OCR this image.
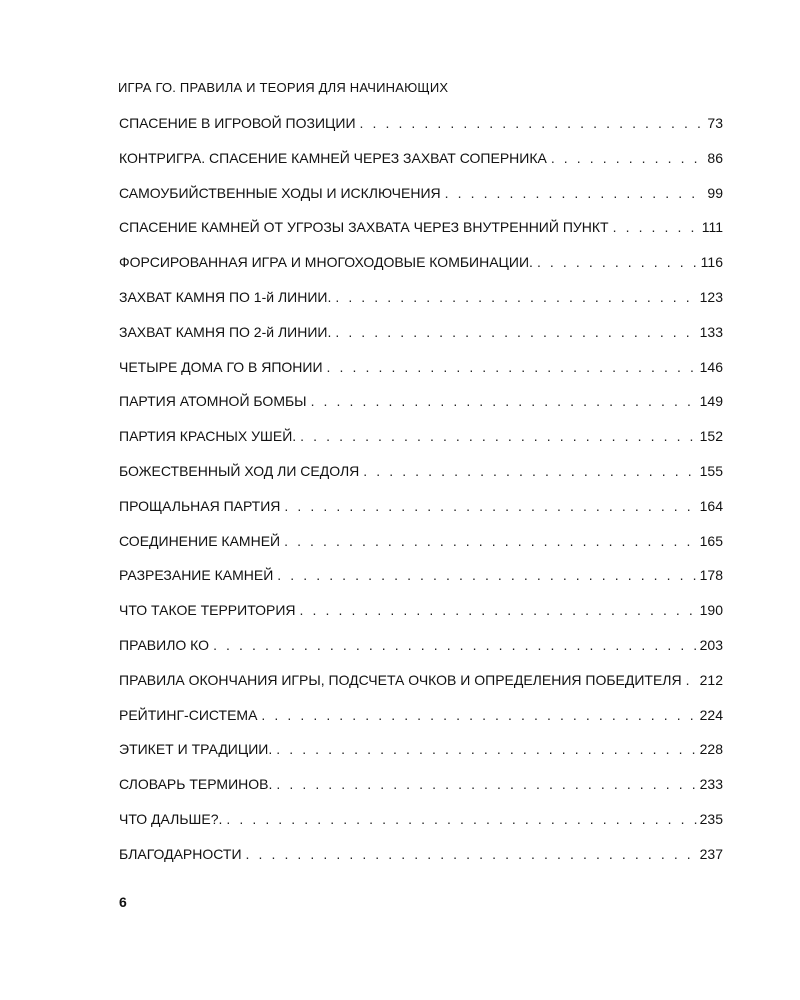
ИГРА ГО. ПРАВИЛА И ТЕОРИЯ ДЛЯ НАЧИНАЮЩИХ
СПАСЕНИЕ В ИГРОВОЙ ПОЗИЦИИ . . .	73
КОНТРИГРА. СПАСЕНИЕ КАМНЕЙ ЧЕРЕЗ ЗАХВАТ СОПЕРНИКА . . .	86
САМОУБИЙСТВЕННЫЕ ХОДЫ И ИСКЛЮЧЕНИЯ . . .	99
СПАСЕНИЕ КАМНЕЙ ОТ УГРОЗЫ ЗАХВАТА ЧЕРЕЗ ВНУТРЕННИЙ ПУНКТ . . .	111
ФОРСИРОВАННАЯ ИГРА И МНОГОХОДОВЫЕ КОМБИНАЦИИ. . . .	116
ЗАХВАТ КАМНЯ ПО 1-й ЛИНИИ. . . .	123
ЗАХВАТ КАМНЯ ПО 2-й ЛИНИИ. . . .	133
ЧЕТЫРЕ ДОМА ГО В ЯПОНИИ . . .	146
ПАРТИЯ АТОМНОЙ БОМБЫ . . .	149
ПАРТИЯ КРАСНЫХ УШЕЙ. . . .	152
БОЖЕСТВЕННЫЙ ХОД ЛИ СЕДОЛЯ . . .	155
ПРОЩАЛЬНАЯ ПАРТИЯ . . .	164
СОЕДИНЕНИЕ КАМНЕЙ . . .	165
РАЗРЕЗАНИЕ КАМНЕЙ . . .	178
ЧТО ТАКОЕ ТЕРРИТОРИЯ . . .	190
ПРАВИЛО КО . . .	203
ПРАВИЛА ОКОНЧАНИЯ ИГРЫ, ПОДСЧЕТА ОЧКОВ И ОПРЕДЕЛЕНИЯ ПОБЕДИТЕЛЯ . . . 212
РЕЙТИНГ-СИСТЕМА . . .	224
ЭТИКЕТ И ТРАДИЦИИ. . . .	228
СЛОВАРЬ ТЕРМИНОВ. . . .	233
ЧТО ДАЛЬШЕ?. . . .	235
БЛАГОДАРНОСТИ . . .	237
6
